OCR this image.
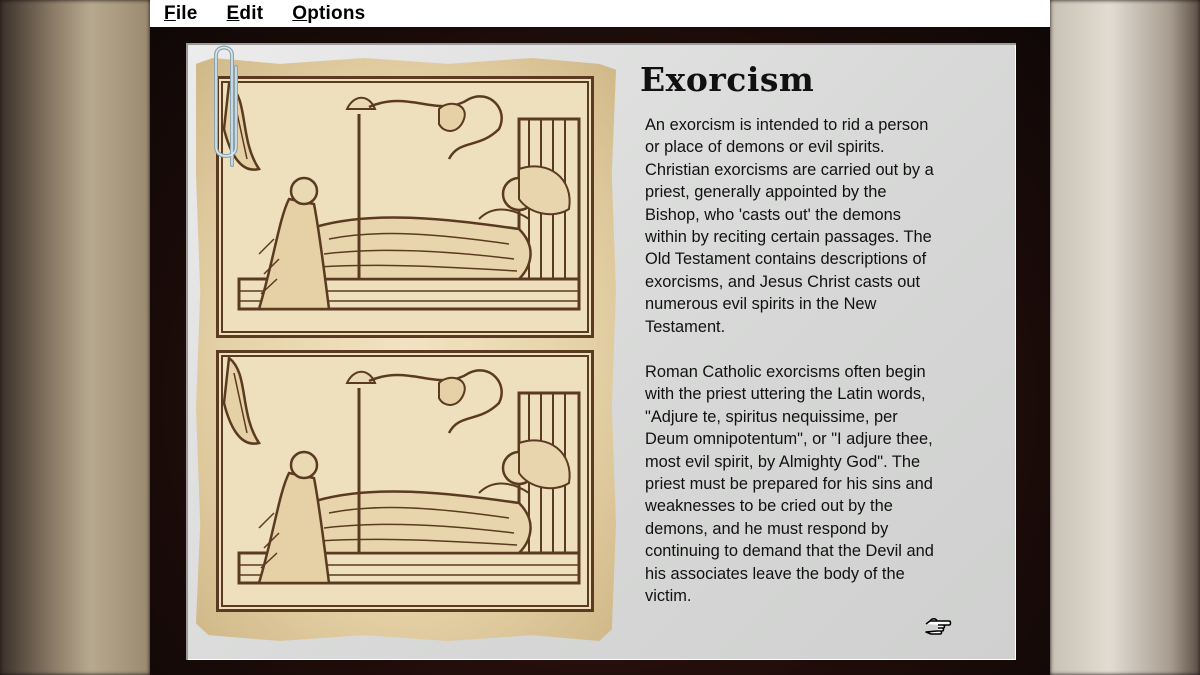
File Edit Options
Exorcism
An exorcism is intended to rid a person
or place of demons or evil spirits.
Christian exorcisms are carried out by a
priest, generally appointed by the
Bishop, who 'casts out' the demons
within by reciting certain passages. The
Old Testament contains descriptions of
exorcisms, and Jesus Christ casts out
numerous evil spirits in the New
Testament.
Roman Catholic exorcisms often begin
with the priest uttering the Latin words,
"Adjure te, spiritus nequissime, per
Deum omnipotentum", or "I adjure thee,
most evil spirit, by Almighty God". The
priest must be prepared for his sins and
weaknesses to be cried out by the
demons, and he must respond by
continuing to demand that the Devil and
his associates leave the body of the
victim.
